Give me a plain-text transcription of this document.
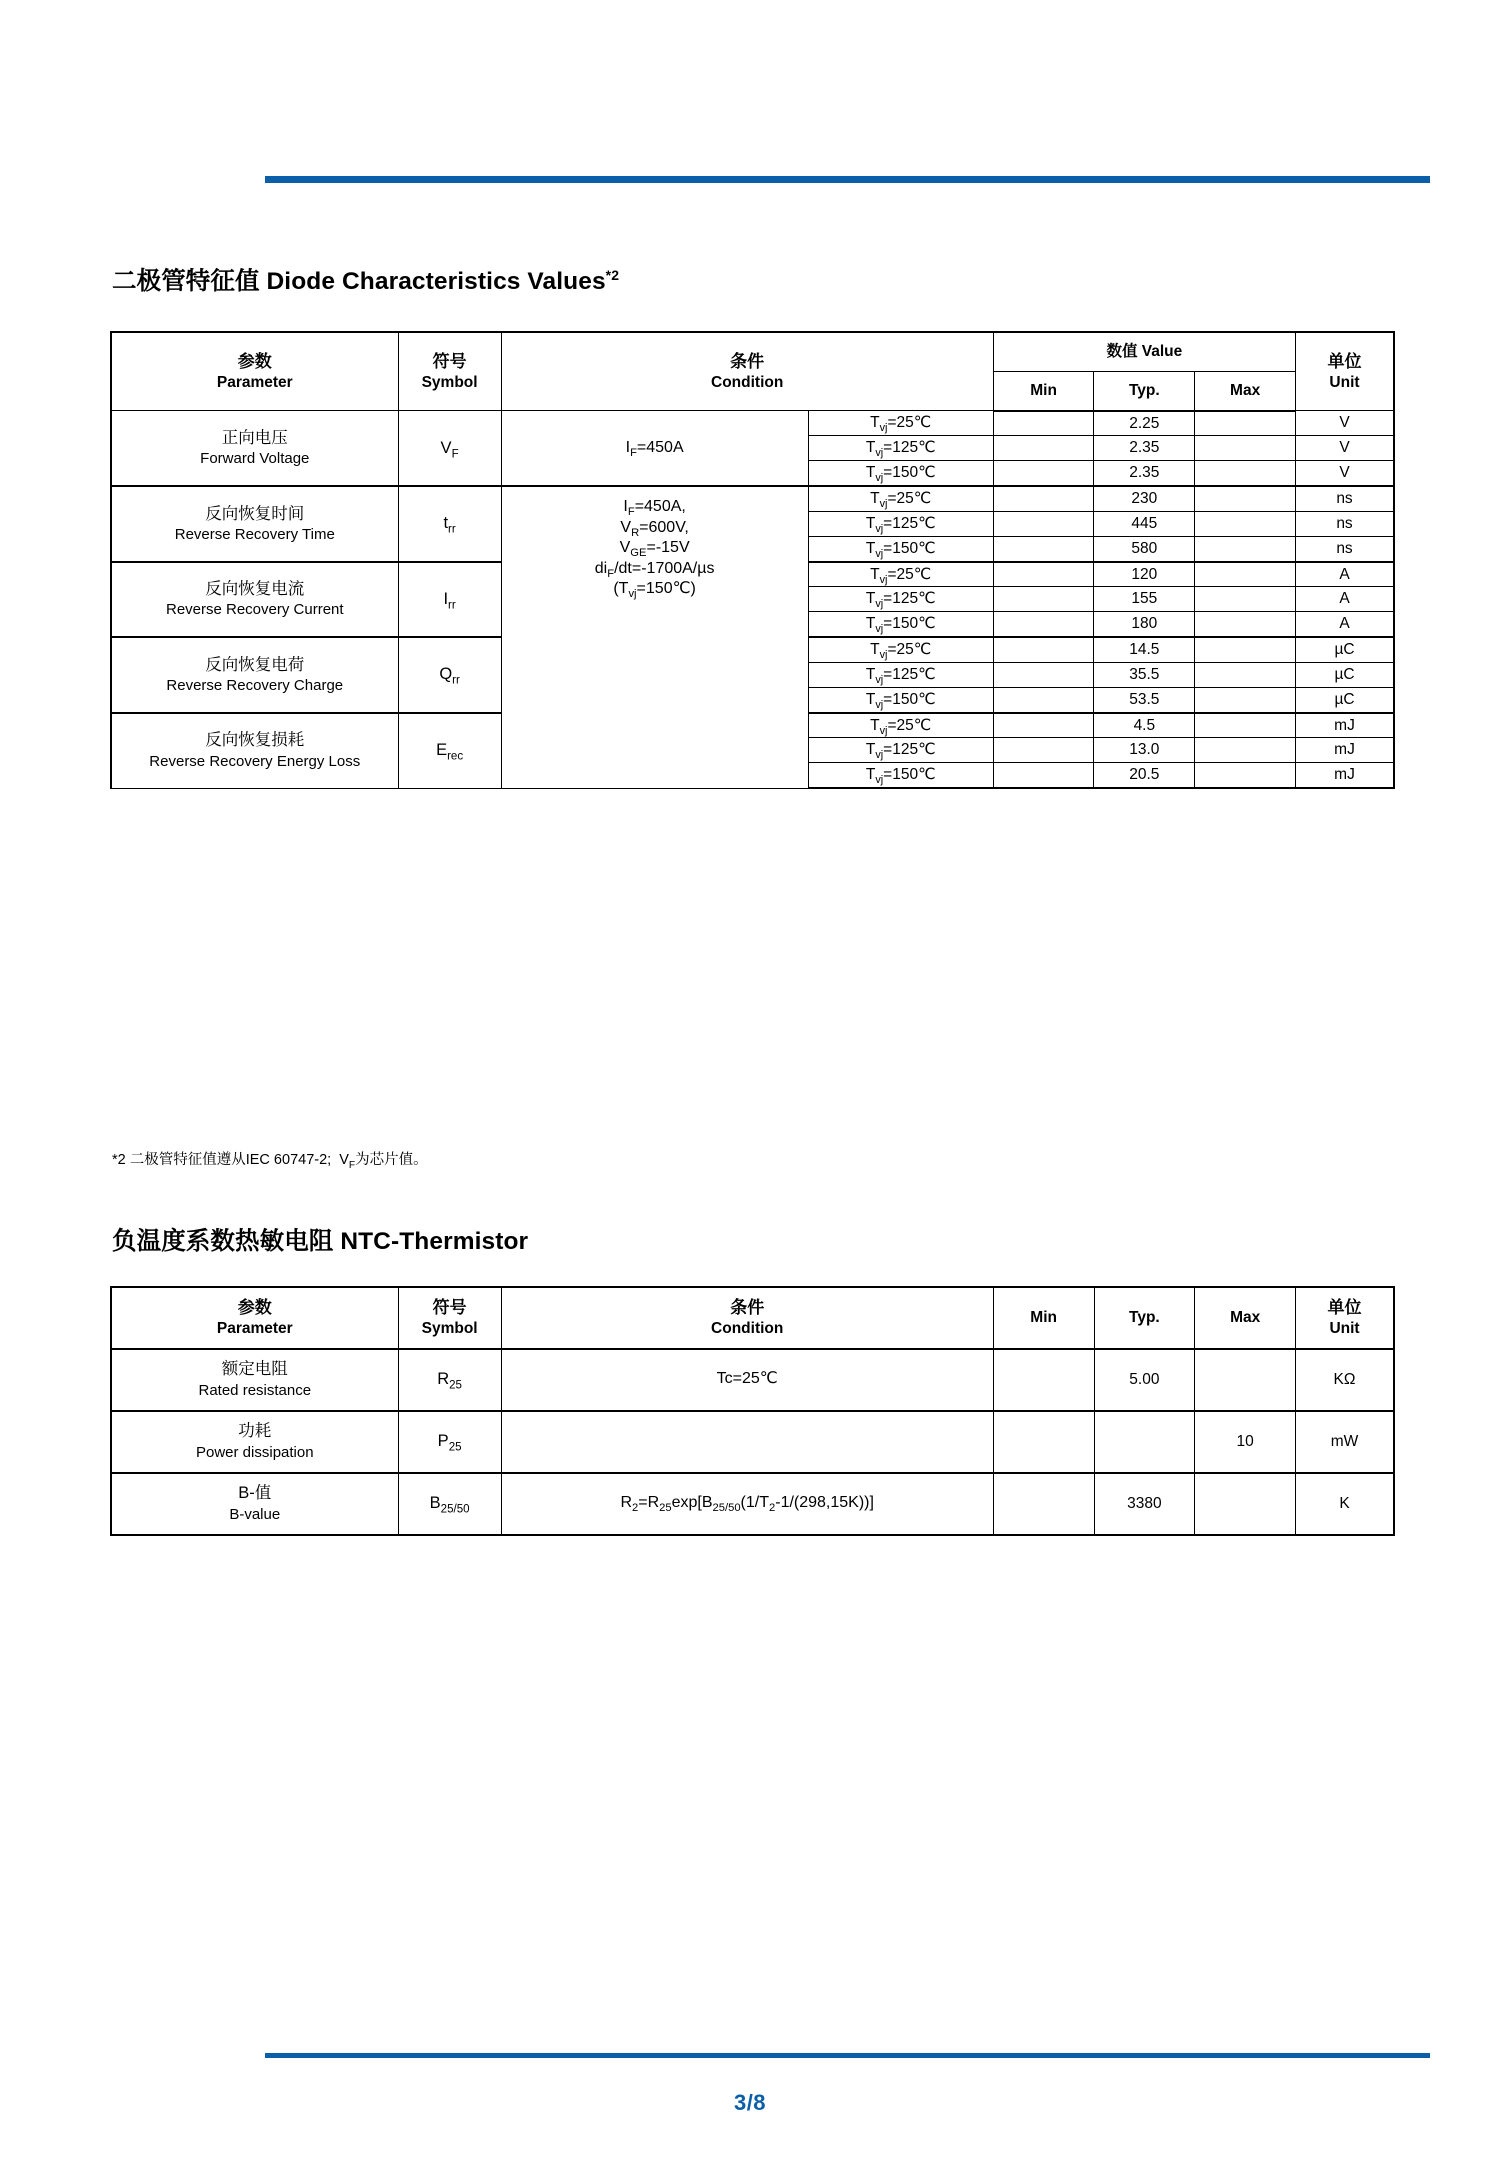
二极管特征值 Diode Characteristics Values$^{*2}$
参数
Parameter	符号
Symbol	条件
Condition		数值 Value			单位
Unit

				Min	Typ.	Max	

正向电压
Forward Voltage	$V_F$	$I_F=450A$	$T_{vj}=25℃$		2.25		V
			$T_{vj}=125℃$		2.35		V
			$T_{vj}=150℃$		2.35		V

反向恢复时间
Reverse Recovery Time	$t_{rr}$	$I_F=450A$,
$V_R=600V$,
$V_{GE}=-15V$
$di_F/dt=-1700A/\mu s$
$(T_{vj}=150℃)$	$T_{vj}=25℃$		230		ns
			$T_{vj}=125℃$		445		ns
			$T_{vj}=150℃$		580		ns

反向恢复电流
Reverse Recovery Current	$I_{rr}$		$T_{vj}=25℃$		120		A
			$T_{vj}=125℃$		155		A
			$T_{vj}=150℃$		180		A

反向恢复电荷
Reverse Recovery Charge	$Q_{rr}$		$T_{vj}=25℃$		14.5		µC
			$T_{vj}=125℃$		35.5		µC
			$T_{vj}=150℃$		53.5		µC

反向恢复损耗
Reverse Recovery Energy Loss	$E_{rec}$		$T_{vj}=25℃$		4.5		mJ
			$T_{vj}=125℃$		13.0		mJ
			$T_{vj}=150℃$		20.5		mJ
*2 二极管特征值遵从IEC 60747-2;  $V_F$为芯片值。
负温度系数热敏电阻 NTC-Thermistor
参数
Parameter	符号
Symbol	条件
Condition	Min	Typ.	Max	单位
Unit

额定电阻
Rated resistance	$R_{25}$	Tc=25℃		5.00		KΩ

功耗
Power dissipation	$P_{25}$				10	mW

B-值
B-value	$B_{25/50}$	$R_2=R_{25}\exp[B_{25/50}(1/T_2-1/(298,15K))]$		3380		K
3/8
